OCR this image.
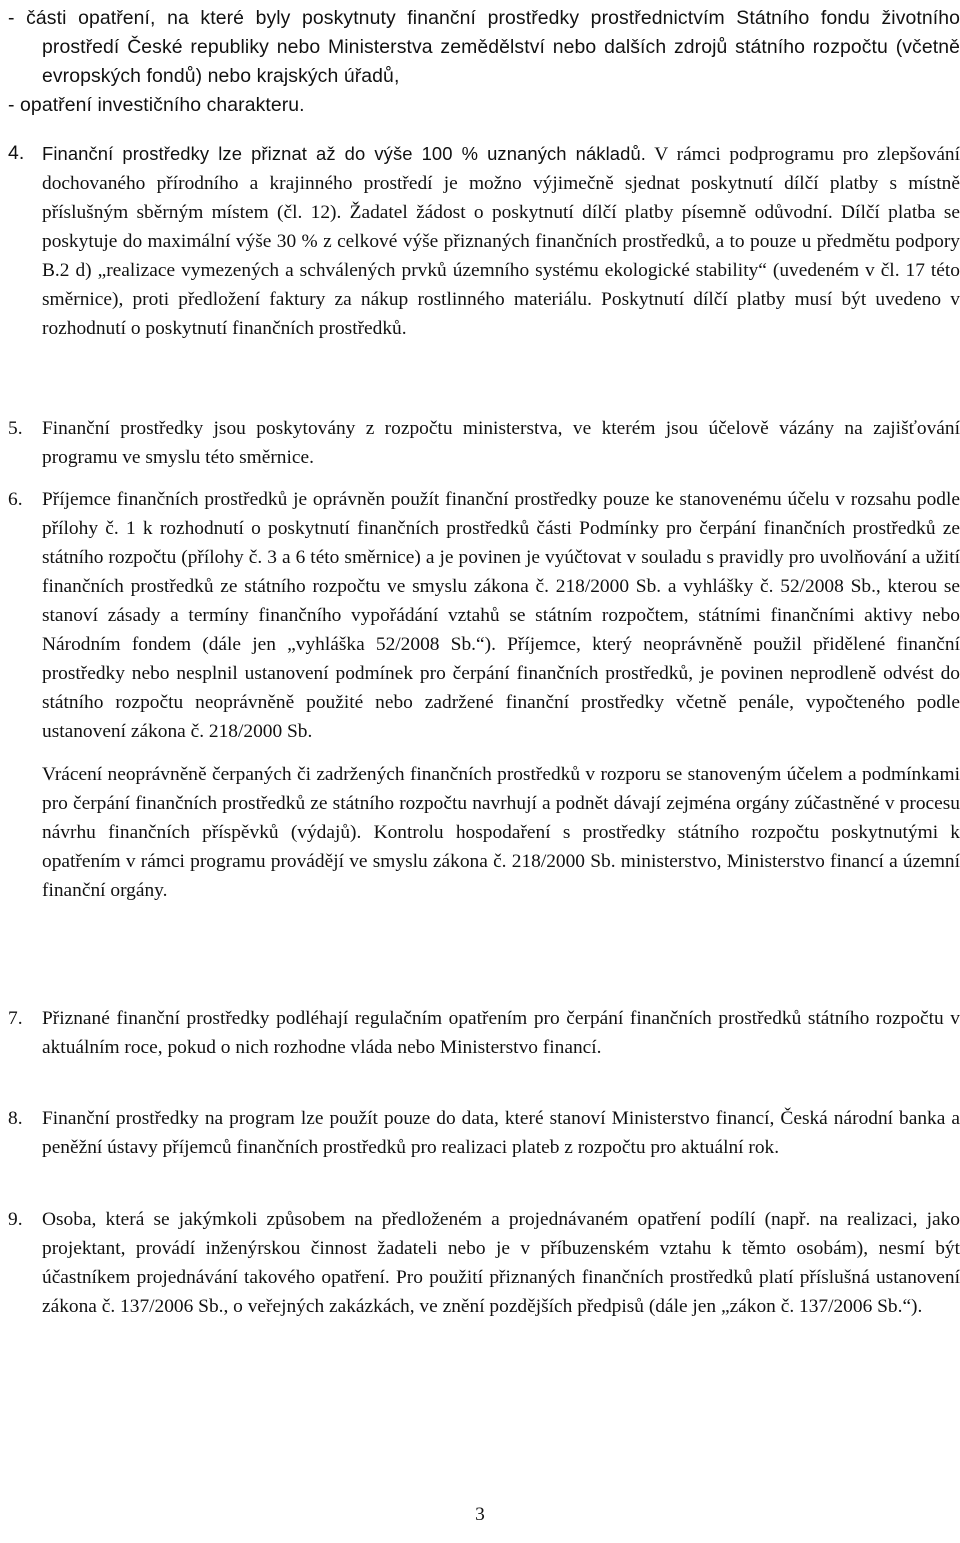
- části opatření, na které byly poskytnuty finanční prostředky prostřednictvím Státního fondu životního prostředí České republiky nebo Ministerstva zemědělství nebo dalších zdrojů státního rozpočtu (včetně evropských fondů) nebo krajských úřadů,
- opatření investičního charakteru.
4. Finanční prostředky lze přiznat až do výše 100 % uznaných nákladů. V rámci podprogramu pro zlepšování dochovaného přírodního a krajinného prostředí je možno výjimečně sjednat poskytnutí dílčí platby s místně příslušným sběrným místem (čl. 12). Žadatel žádost o poskytnutí dílčí platby písemně odůvodní. Dílčí platba se poskytuje do maximální výše 30 % z celkové výše přiznaných finančních prostředků, a to pouze u předmětu podpory B.2 d) „realizace vymezených a schválených prvků územního systému ekologické stability“ (uvedeném v čl. 17 této směrnice), proti předložení faktury za nákup rostlinného materiálu. Poskytnutí dílčí platby musí být uvedeno v rozhodnutí o poskytnutí finančních prostředků.
5. Finanční prostředky jsou poskytovány z rozpočtu ministerstva, ve kterém jsou účelově vázány na zajišťování programu ve smyslu této směrnice.
6. Příjemce finančních prostředků je oprávněn použít finanční prostředky pouze ke stanovenému účelu v rozsahu podle přílohy č. 1 k rozhodnutí o poskytnutí finančních prostředků části Podmínky pro čerpání finančních prostředků ze státního rozpočtu (přílohy č. 3 a 6 této směrnice) a je povinen je vyúčtovat v souladu s pravidly pro uvolňování a užití finančních prostředků ze státního rozpočtu ve smyslu zákona č. 218/2000 Sb. a vyhlášky č. 52/2008 Sb., kterou se stanoví zásady a termíny finančního vypořádání vztahů se státním rozpočtem, státními finančními aktivy nebo Národním fondem (dále jen „vyhláška 52/2008 Sb.“). Příjemce, který neoprávněně použil přidělené finanční prostředky nebo nesplnil ustanovení podmínek pro čerpání finančních prostředků, je povinen neprodleně odvést do státního rozpočtu neoprávněně použité nebo zadržené finanční prostředky včetně penále, vypočteného podle ustanovení zákona č. 218/2000 Sb.
Vrácení neoprávněně čerpaných či zadržených finančních prostředků v rozporu se stanoveným účelem a podmínkami pro čerpání finančních prostředků ze státního rozpočtu navrhují a podnět dávají zejména orgány zúčastněné v procesu návrhu finančních příspěvků (výdajů). Kontrolu hospodaření s prostředky státního rozpočtu poskytnutými k opatřením v rámci programu provádějí ve smyslu zákona č. 218/2000 Sb. ministerstvo, Ministerstvo financí a územní finanční orgány.
7. Přiznané finanční prostředky podléhají regulačním opatřením pro čerpání finančních prostředků státního rozpočtu v aktuálním roce, pokud o nich rozhodne vláda nebo Ministerstvo financí.
8. Finanční prostředky na program lze použít pouze do data, které stanoví Ministerstvo financí, Česká národní banka a peněžní ústavy příjemců finančních prostředků pro realizaci plateb z rozpočtu pro aktuální rok.
9. Osoba, která se jakýmkoli způsobem na předloženém a projednávaném opatření podílí (např. na realizaci, jako projektant, provádí inženýrskou činnost žadateli nebo je v příbuzenském vztahu k těmto osobám), nesmí být účastníkem projednávání takového opatření. Pro použití přiznaných finančních prostředků platí příslušná ustanovení zákona č. 137/2006 Sb., o veřejných zakázkách, ve znění pozdějších předpisů (dále jen „zákon č. 137/2006 Sb.“).
3
